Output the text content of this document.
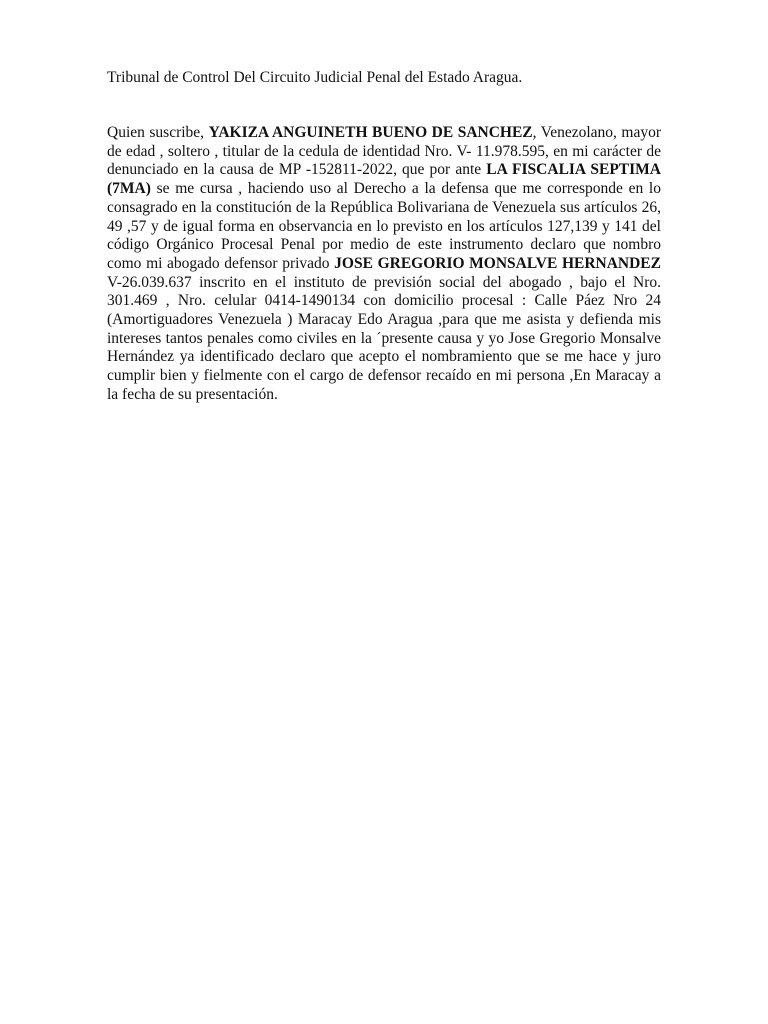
Tribunal de Control Del Circuito Judicial Penal del Estado Aragua.
Quien suscribe, YAKIZA ANGUINETH BUENO DE SANCHEZ, Venezolano, mayor de edad , soltero , titular de la cedula de identidad Nro. V- 11.978.595, en mi carácter de denunciado en la causa de MP -152811-2022, que por ante LA FISCALIA SEPTIMA (7MA) se me cursa , haciendo uso al Derecho a la defensa que me corresponde en lo consagrado en la constitución de la República Bolivariana de Venezuela sus artículos 26, 49 ,57 y de igual forma en observancia en lo previsto en los artículos 127,139 y 141 del código Orgánico Procesal Penal por medio de este instrumento declaro que nombro como mi abogado defensor privado JOSE GREGORIO MONSALVE HERNANDEZ V-26.039.637 inscrito en el instituto de previsión social del abogado , bajo el Nro. 301.469 , Nro. celular 0414-1490134 con domicilio procesal : Calle Páez Nro 24 (Amortiguadores Venezuela ) Maracay Edo Aragua ,para que me asista y defienda mis intereses tantos penales como civiles en la ´presente causa y yo Jose Gregorio Monsalve Hernández ya identificado declaro que acepto el nombramiento que se me hace y juro cumplir bien y fielmente con el cargo de defensor recaído en mi persona ,En Maracay a la fecha de su presentación.
